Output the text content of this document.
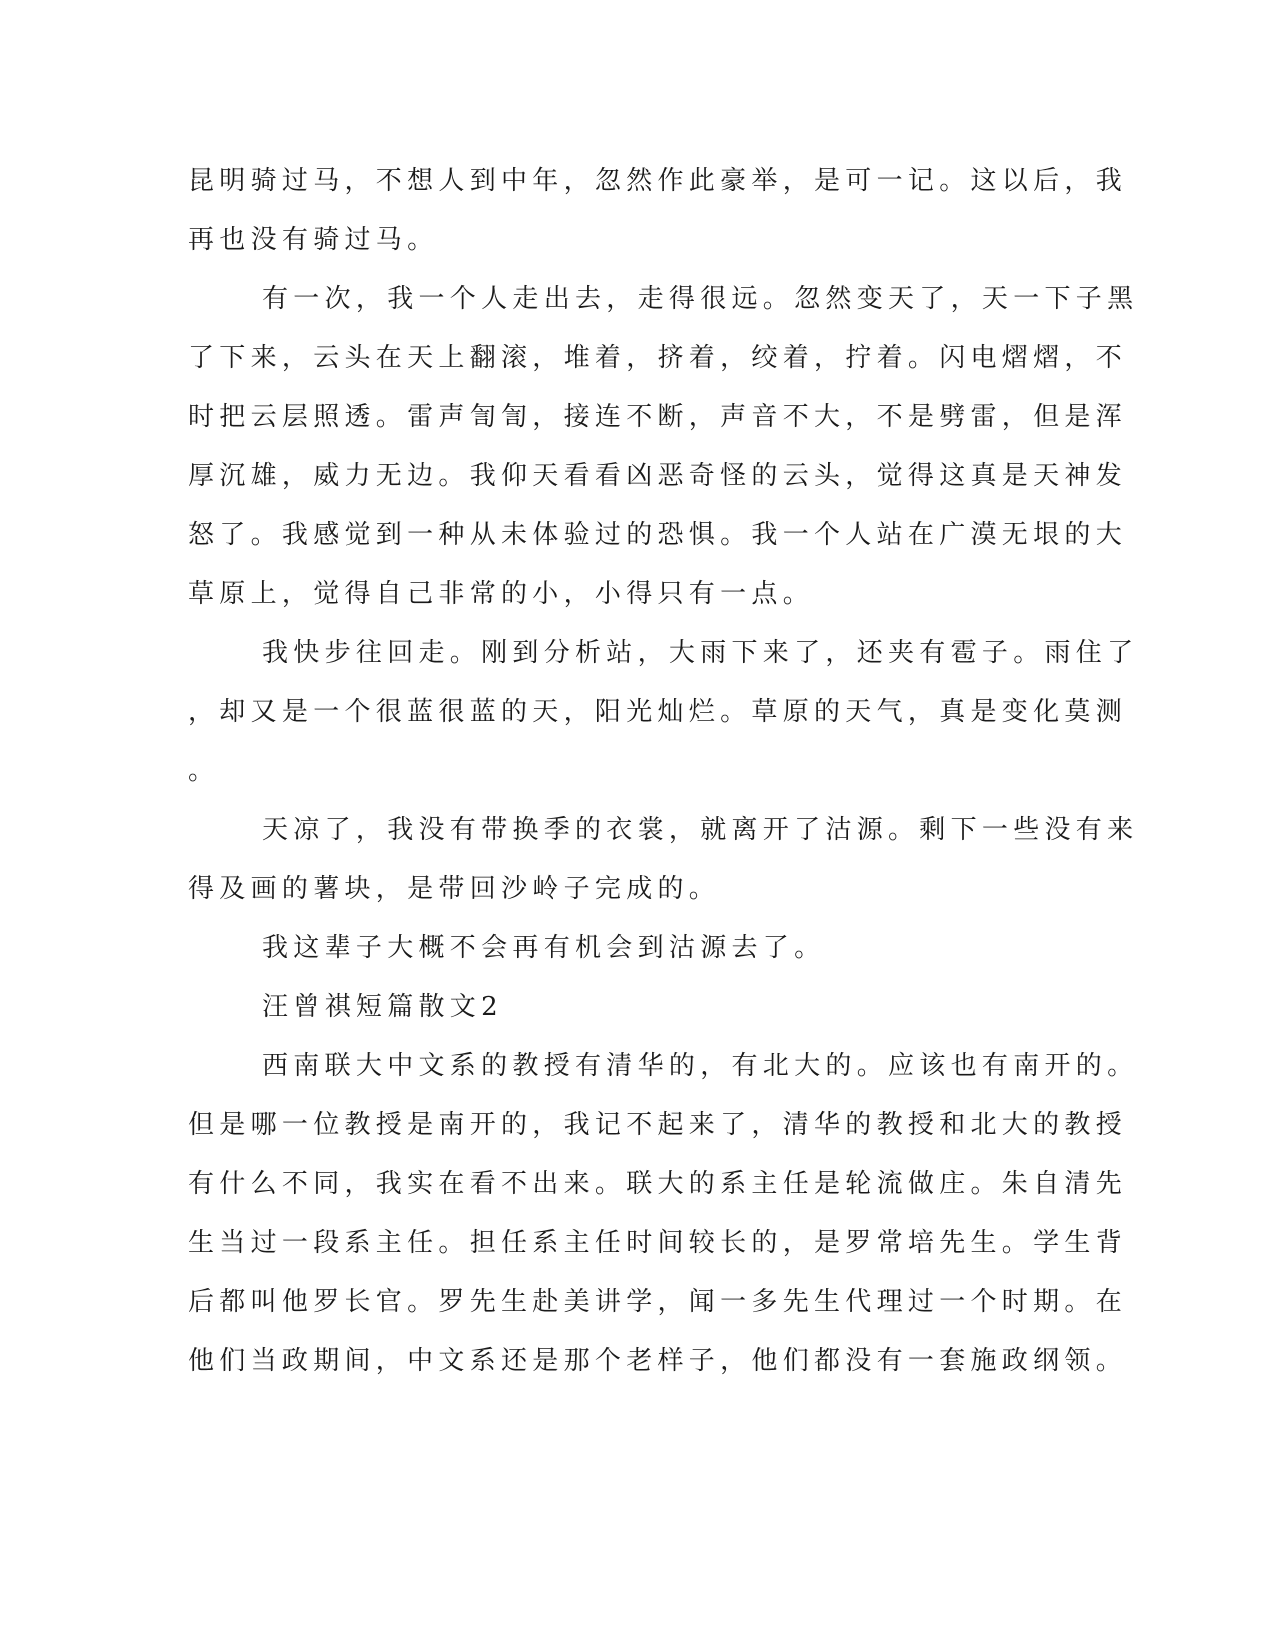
昆明骑过马，不想人到中年，忽然作此豪举，是可一记。这以后，我

再也没有骑过马。

有一次，我一个人走出去，走得很远。忽然变天了，天一下子黑

了下来，云头在天上翻滚，堆着，挤着，绞着，拧着。闪电熠熠，不

时把云层照透。雷声訇訇，接连不断，声音不大，不是劈雷，但是浑

厚沉雄，威力无边。我仰天看看凶恶奇怪的云头，觉得这真是天神发

怒了。我感觉到一种从未体验过的恐惧。我一个人站在广漠无垠的大

草原上，觉得自己非常的小，小得只有一点。

我快步往回走。刚到分析站，大雨下来了，还夹有雹子。雨住了

，却又是一个很蓝很蓝的天，阳光灿烂。草原的天气，真是变化莫测

。

天凉了，我没有带换季的衣裳，就离开了沽源。剩下一些没有来

得及画的薯块，是带回沙岭子完成的。

我这辈子大概不会再有机会到沽源去了。

汪曾祺短篇散文2

西南联大中文系的教授有清华的，有北大的。应该也有南开的。

但是哪一位教授是南开的，我记不起来了，清华的教授和北大的教授

有什么不同，我实在看不出来。联大的系主任是轮流做庄。朱自清先

生当过一段系主任。担任系主任时间较长的，是罗常培先生。学生背

后都叫他罗长官。罗先生赴美讲学，闻一多先生代理过一个时期。在

他们当政期间，中文系还是那个老样子，他们都没有一套施政纲领。
